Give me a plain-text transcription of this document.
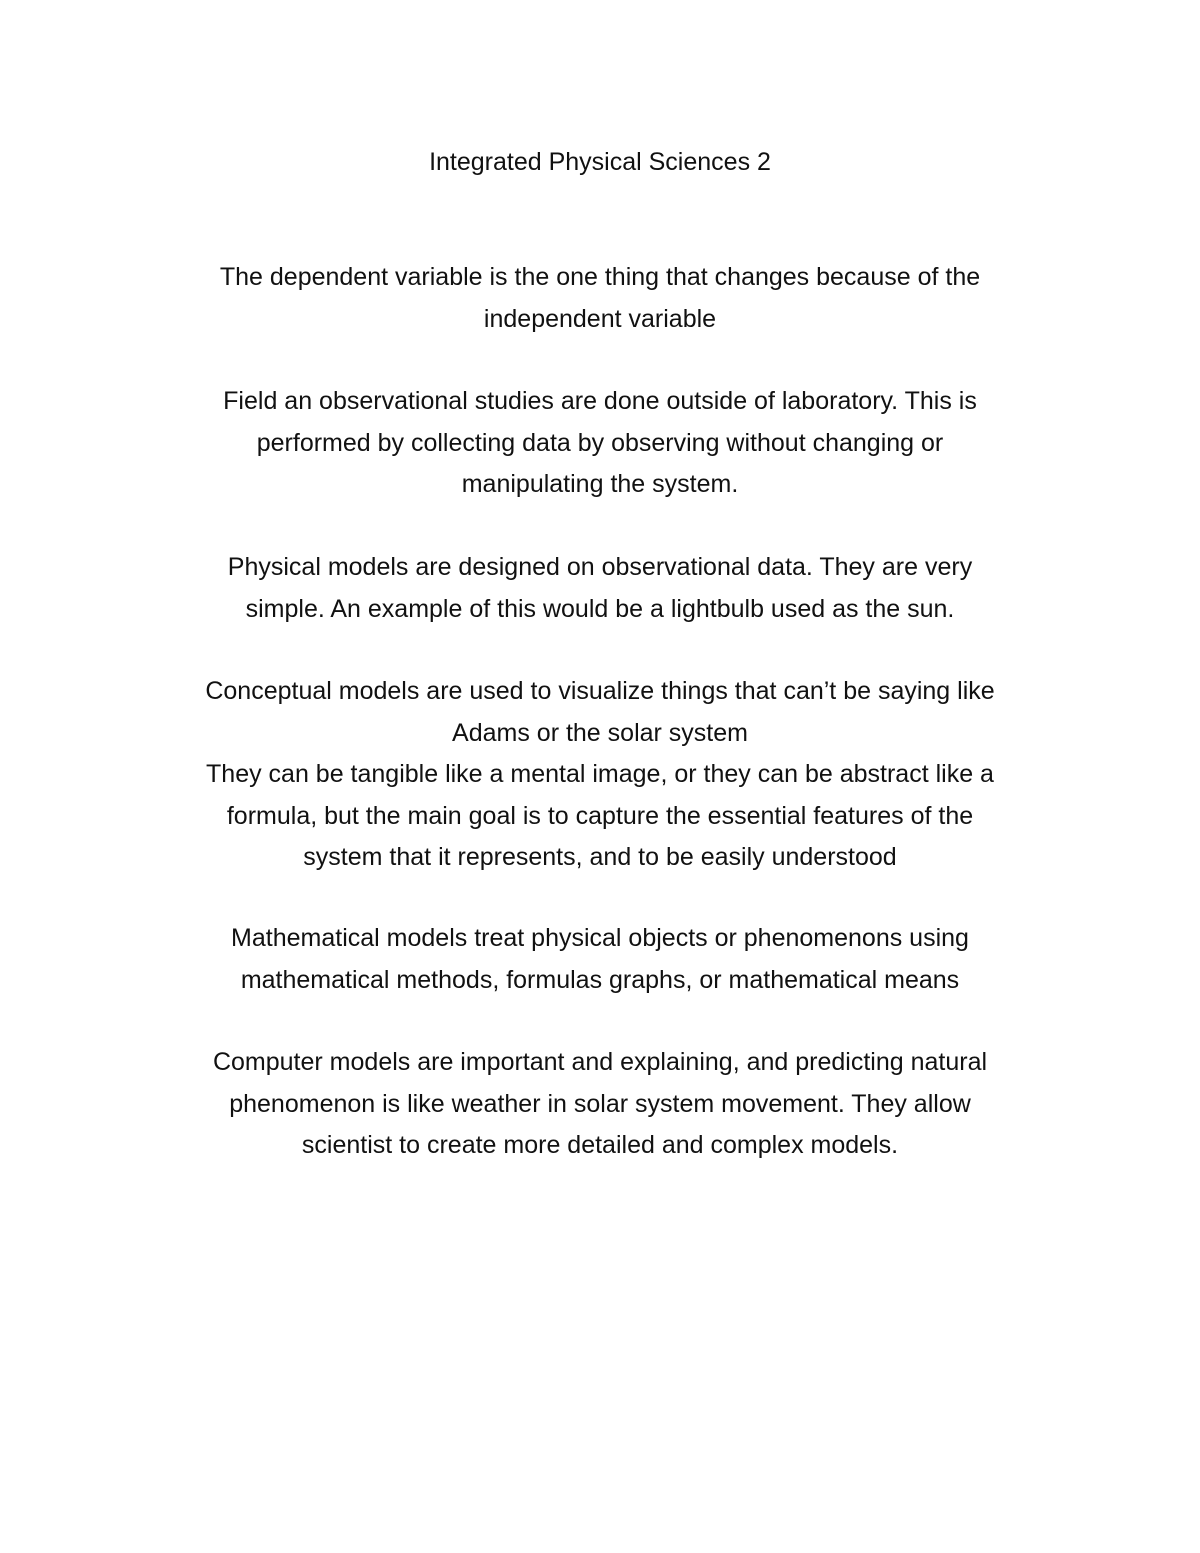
Integrated Physical Sciences 2

The dependent variable is the one thing that changes because of the
independent variable

Field an observational studies are done outside of laboratory. This is
performed by collecting data by observing without changing or
manipulating the system.

Physical models are designed on observational data. They are very
simple. An example of this would be a lightbulb used as the sun.

Conceptual models are used to visualize things that can’t be saying like
Adams or the solar system
They can be tangible like a mental image, or they can be abstract like a
formula, but the main goal is to capture the essential features of the
system that it represents, and to be easily understood

Mathematical models treat physical objects or phenomenons using
mathematical methods, formulas graphs, or mathematical means

Computer models are important and explaining, and predicting natural
phenomenon is like weather in solar system movement. They allow
scientist to create more detailed and complex models.
